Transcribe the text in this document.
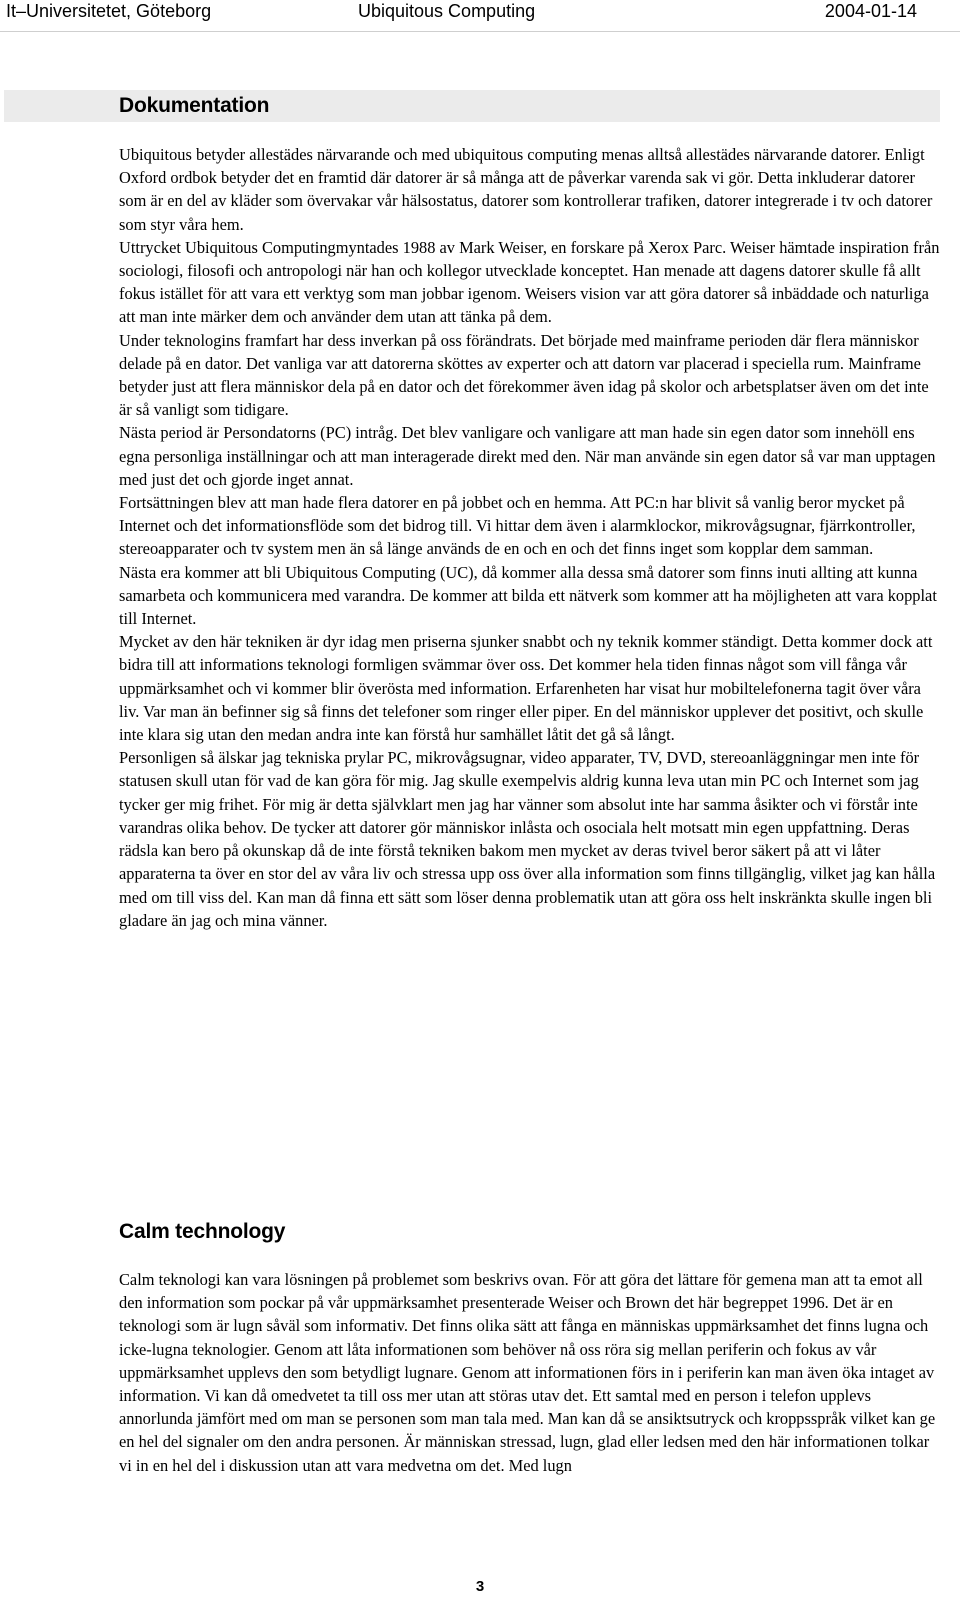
It–Universitetet, Göteborg	Ubiquitous Computing	2004-01-14
Dokumentation

Ubiquitous betyder allestädes närvarande och med ubiquitous computing menas alltså allestädes närvarande datorer. Enligt Oxford ordbok betyder det en framtid där datorer är så många att de påverkar varenda sak vi gör. Detta inkluderar datorer som är en del av kläder som övervakar vår hälsostatus, datorer som kontrollerar trafiken, datorer integrerade i tv och datorer som styr våra hem.

Uttrycket Ubiquitous Computingmyntades 1988 av Mark Weiser, en forskare på Xerox Parc. Weiser hämtade inspiration från sociologi, filosofi och antropologi när han och kollegor utvecklade konceptet. Han menade att dagens datorer skulle få allt fokus istället för att vara ett verktyg som man jobbar igenom. Weisers vision var att göra datorer så inbäddade och naturliga att man inte märker dem och använder dem utan att tänka på dem.

Under teknologins framfart har dess inverkan på oss förändrats. Det började med mainframe perioden där flera människor delade på en dator. Det vanliga var att datorerna sköttes av experter och att datorn var placerad i speciella rum. Mainframe betyder just att flera människor dela på en dator och det förekommer även idag på skolor och arbetsplatser även om det inte är så vanligt som tidigare.

Nästa period är Persondatorns (PC) intråg. Det blev vanligare och vanligare att man hade sin egen dator som innehöll ens egna personliga inställningar och att man interagerade direkt med den. När man använde sin egen dator så var man upptagen med just det och gjorde inget annat.

Fortsättningen blev att man hade flera datorer en på jobbet och en hemma. Att PC:n har blivit så vanlig beror mycket på Internet och det informationsflöde som det bidrog till. Vi hittar dem även i alarmklockor, mikrovågsugnar, fjärrkontroller, stereoapparater och tv system men än så länge används de en och en och det finns inget som kopplar dem samman.

Nästa era kommer att bli Ubiquitous Computing (UC), då kommer alla dessa små datorer som finns inuti allting att kunna samarbeta och kommunicera med varandra. De kommer att bilda ett nätverk som kommer att ha möjligheten att vara kopplat till Internet.

Mycket av den här tekniken är dyr idag men priserna sjunker snabbt och ny teknik kommer ständigt. Detta kommer dock att bidra till att informations teknologi formligen svämmar över oss. Det kommer hela tiden finnas något som vill fånga vår uppmärksamhet och vi kommer blir överösta med information. Erfarenheten har visat hur mobiltelefonerna tagit över våra liv. Var man än befinner sig så finns det telefoner som ringer eller piper. En del människor upplever det positivt, och skulle inte klara sig utan den medan andra inte kan förstå hur samhället låtit det gå så långt.

Personligen så älskar jag tekniska prylar PC, mikrovågsugnar, video apparater, TV, DVD, stereoanläggningar men inte för statusen skull utan för vad de kan göra för mig. Jag skulle exempelvis aldrig kunna leva utan min PC och Internet som jag tycker ger mig frihet. För mig är detta självklart men jag har vänner som absolut inte har samma åsikter och vi förstår inte varandras olika behov. De tycker att datorer gör människor inlåsta och osociala helt motsatt min egen uppfattning. Deras rädsla kan bero på okunskap då de inte förstå tekniken bakom men mycket av deras tvivel beror säkert på att vi låter apparaterna ta över en stor del av våra liv och stressa upp oss över alla information som finns tillgänglig, vilket jag kan hålla med om till viss del. Kan man då finna ett sätt som löser denna problematik utan att göra oss helt inskränkta skulle ingen bli gladare än jag och mina vänner.

Calm technology

Calm teknologi kan vara lösningen på problemet som beskrivs ovan. För att göra det lättare för gemena man att ta emot all den information som pockar på vår uppmärksamhet presenterade Weiser och Brown det här begreppet 1996. Det är en teknologi som är lugn såväl som informativ. Det finns olika sätt att fånga en människas uppmärksamhet det finns lugna och icke-lugna teknologier. Genom att låta informationen som behöver nå oss röra sig mellan periferin och fokus av vår uppmärksamhet upplevs den som betydligt lugnare. Genom att informationen förs in i periferin kan man även öka intaget av information. Vi kan då omedvetet ta till oss mer utan att störas utav det. Ett samtal med en person i telefon upplevs annorlunda jämfört med om man se personen som man tala med. Man kan då se ansiktsutryck och kroppsspråk vilket kan ge en hel del signaler om den andra personen. Är människan stressad, lugn, glad eller ledsen med den här informationen tolkar vi in en hel del i diskussion utan att vara medvetna om det. Med lugn

3
